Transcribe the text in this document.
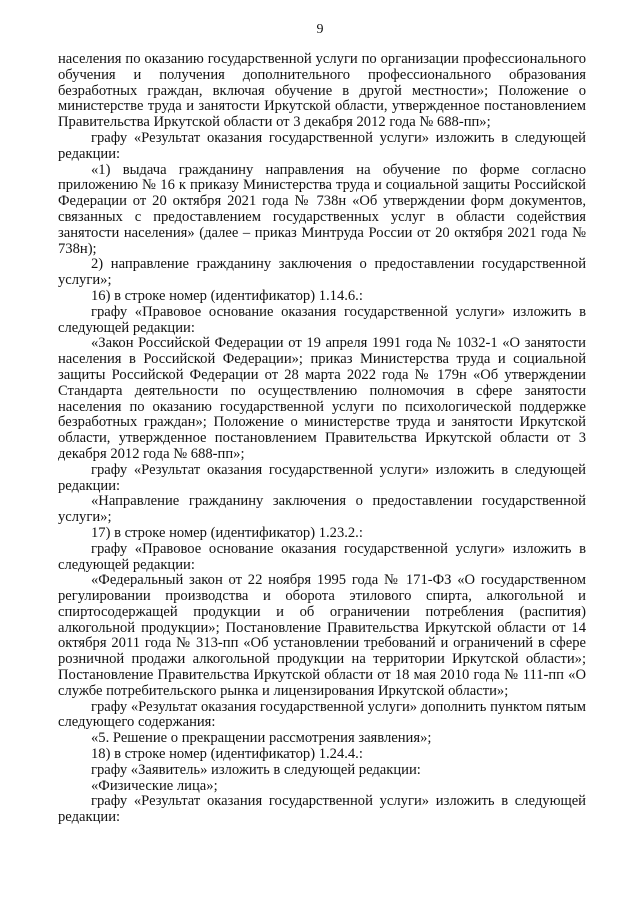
9

населения по оказанию государственной услуги по организации профессионального обучения и получения дополнительного профессионального образования безработных граждан, включая обучение в другой местности»; Положение о министерстве труда и занятости Иркутской области, утвержденное постановлением Правительства Иркутской области от 3 декабря 2012 года № 688-пп»;

графу «Результат оказания государственной услуги» изложить в следующей редакции:

«1) выдача гражданину направления на обучение по форме согласно приложению № 16 к приказу Министерства труда и социальной защиты Российской Федерации от 20 октября 2021 года № 738н «Об утверждении форм документов, связанных с предоставлением государственных услуг в области содействия занятости населения» (далее – приказ Минтруда России от 20 октября 2021 года № 738н);

2) направление гражданину заключения о предоставлении государственной услуги»;

16) в строке номер (идентификатор) 1.14.6.:

графу «Правовое основание оказания государственной услуги» изложить в следующей редакции:

«Закон Российской Федерации от 19 апреля 1991 года № 1032-1 «О занятости населения в Российской Федерации»; приказ Министерства труда и социальной защиты Российской Федерации от 28 марта 2022 года № 179н «Об утверждении Стандарта деятельности по осуществлению полномочия в сфере занятости населения по оказанию государственной услуги по психологической поддержке безработных граждан»; Положение о министерстве труда и занятости Иркутской области, утвержденное постановлением Правительства Иркутской области от 3 декабря 2012 года № 688-пп»;

графу «Результат оказания государственной услуги» изложить в следующей редакции:

«Направление гражданину заключения о предоставлении государственной услуги»;

17) в строке номер (идентификатор) 1.23.2.:

графу «Правовое основание оказания государственной услуги» изложить в следующей редакции:

«Федеральный закон от 22 ноября 1995 года № 171-ФЗ «О государственном регулировании производства и оборота этилового спирта, алкогольной и спиртосодержащей продукции и об ограничении потребления (распития) алкогольной продукции»; Постановление Правительства Иркутской области от 14 октября 2011 года № 313-пп «Об установлении требований и ограничений в сфере розничной продажи алкогольной продукции на территории Иркутской области»; Постановление Правительства Иркутской области от 18 мая 2010 года № 111-пп «О службе потребительского рынка и лицензирования Иркутской области»;

графу «Результат оказания государственной услуги» дополнить пунктом пятым следующего содержания:

«5. Решение о прекращении рассмотрения заявления»;

18) в строке номер (идентификатор) 1.24.4.:

графу «Заявитель» изложить в следующей редакции:

«Физические лица»;

графу «Результат оказания государственной услуги» изложить в следующей редакции:
